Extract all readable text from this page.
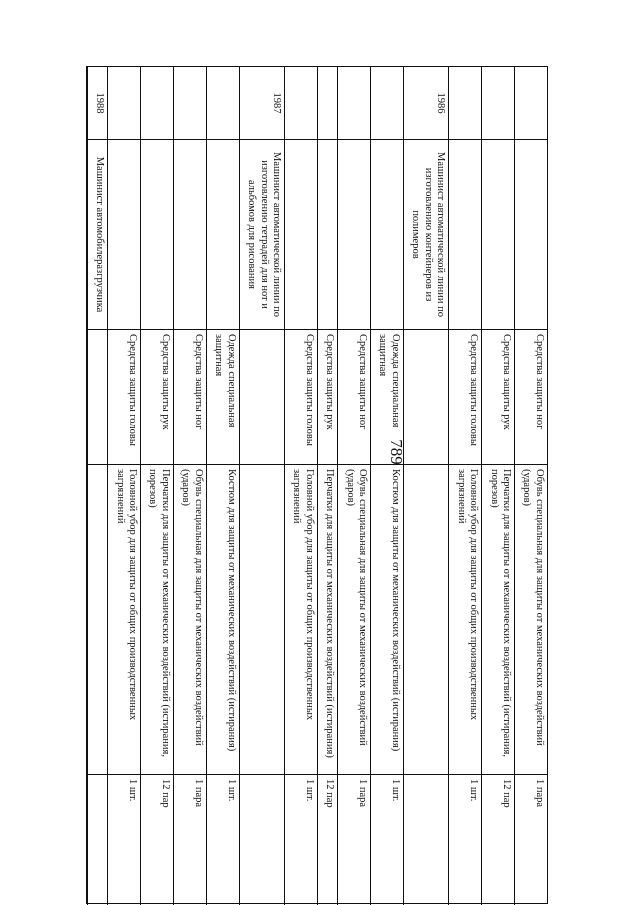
789
Средства защиты ног
Обувь специальная для защиты от механических воздействий (ударов)
1 пара
Средства защиты рук
Перчатки для защиты от механических воздействий (истирания, порезов)
12 пар
Средства защиты головы
Головной убор для защиты от общих производственных загрязнений
1 шт.
1986
Машинист автоматической линии по изготовлению контейнеров из полимеров
Одежда специальная защитная
Костюм для защиты от механических воздействий (истирания)
1 шт.
Средства защиты ног
Обувь специальная для защиты от механических воздействий (ударов)
1 пара
Средства защиты рук
Перчатки для защиты от механических воздействий (истирания)
12 пар
Средства защиты головы
Головной убор для защиты от общих производственных загрязнений
1 шт.
1987
Машинист автоматической линии по изготовлению тетрадей для нот и альбомов для рисования
Одежда специальная защитная
Костюм для защиты от механических воздействий (истирания)
1 шт.
Средства защиты ног
Обувь специальная для защиты от механических воздействий (ударов)
1 пара
Средства защиты рук
Перчатки для защиты от механических воздействий (истирания, порезов)
12 пар
Средства защиты головы
Головной убор для защиты от общих производственных загрязнений
1 шт.
1988
Машинист автомобилеразгрузчика
